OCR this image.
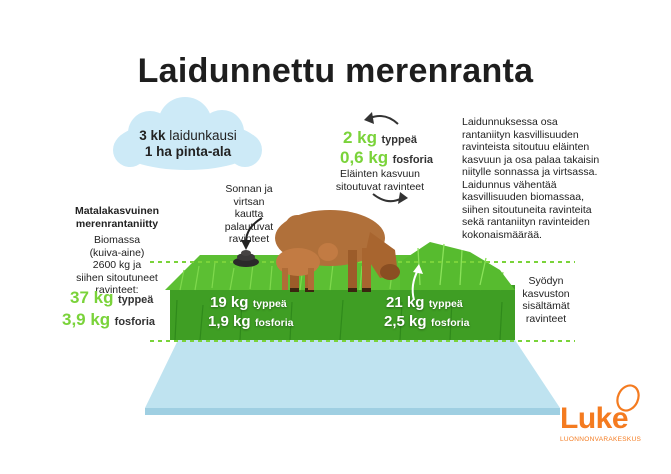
Laidunnettu merenranta
3 kk laidunkausi
1 ha pinta-ala
Matalakasvuinen
merenrantaniitty
Biomassa
(kuiva-aine)
2600 kg ja
siihen sitoutuneet
ravinteet:
37 kg typpeä
3,9 kg fosforia
Sonnan ja
virtsan
kautta
palautuvat
ravinteet
2 kg typpeä
0,6 kg fosforia
Eläinten kasvuun
sitoutuvat ravinteet
Laidunnuksessa osa
rantaniityn kasvillisuuden
ravinteista sitoutuu eläinten
kasvuun ja osa palaa takaisin
niitylle sonnassa ja virtsassa.
Laidunnus vähentää
kasvillisuuden biomassaa,
siihen sitoutuneita ravinteita
sekä rantaniityn ravinteiden
kokonaismäärää.
Syödyn
kasvuston
sisältämät
ravinteet
19 kg typpeä
1,9 kg fosforia
21 kg typpeä
2,5 kg fosforia
Luke
LUONNONVARAKESKUS
